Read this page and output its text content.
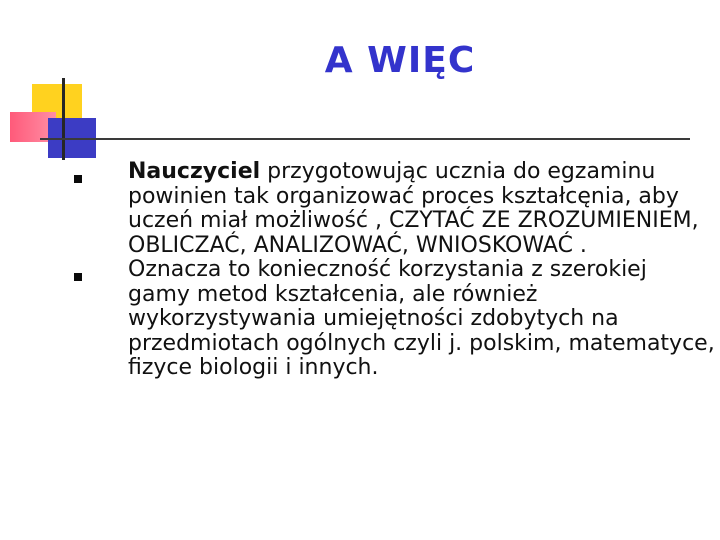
A WIĘC
Nauczyciel przygotowując ucznia do egzaminu powinien tak organizować proces kształcęnia, aby uczeń miał możliwość , CZYTAĆ ZE ZROZUMIENIEM, OBLICZAĆ, ANALIZOWAĆ, WNIOSKOWAĆ .
Oznacza to konieczność korzystania z szerokiej gamy metod kształcenia, ale również wykorzystywania umiejętności zdobytych na przedmiotach ogólnych czyli j. polskim, matematyce, fizyce biologii i innych.
